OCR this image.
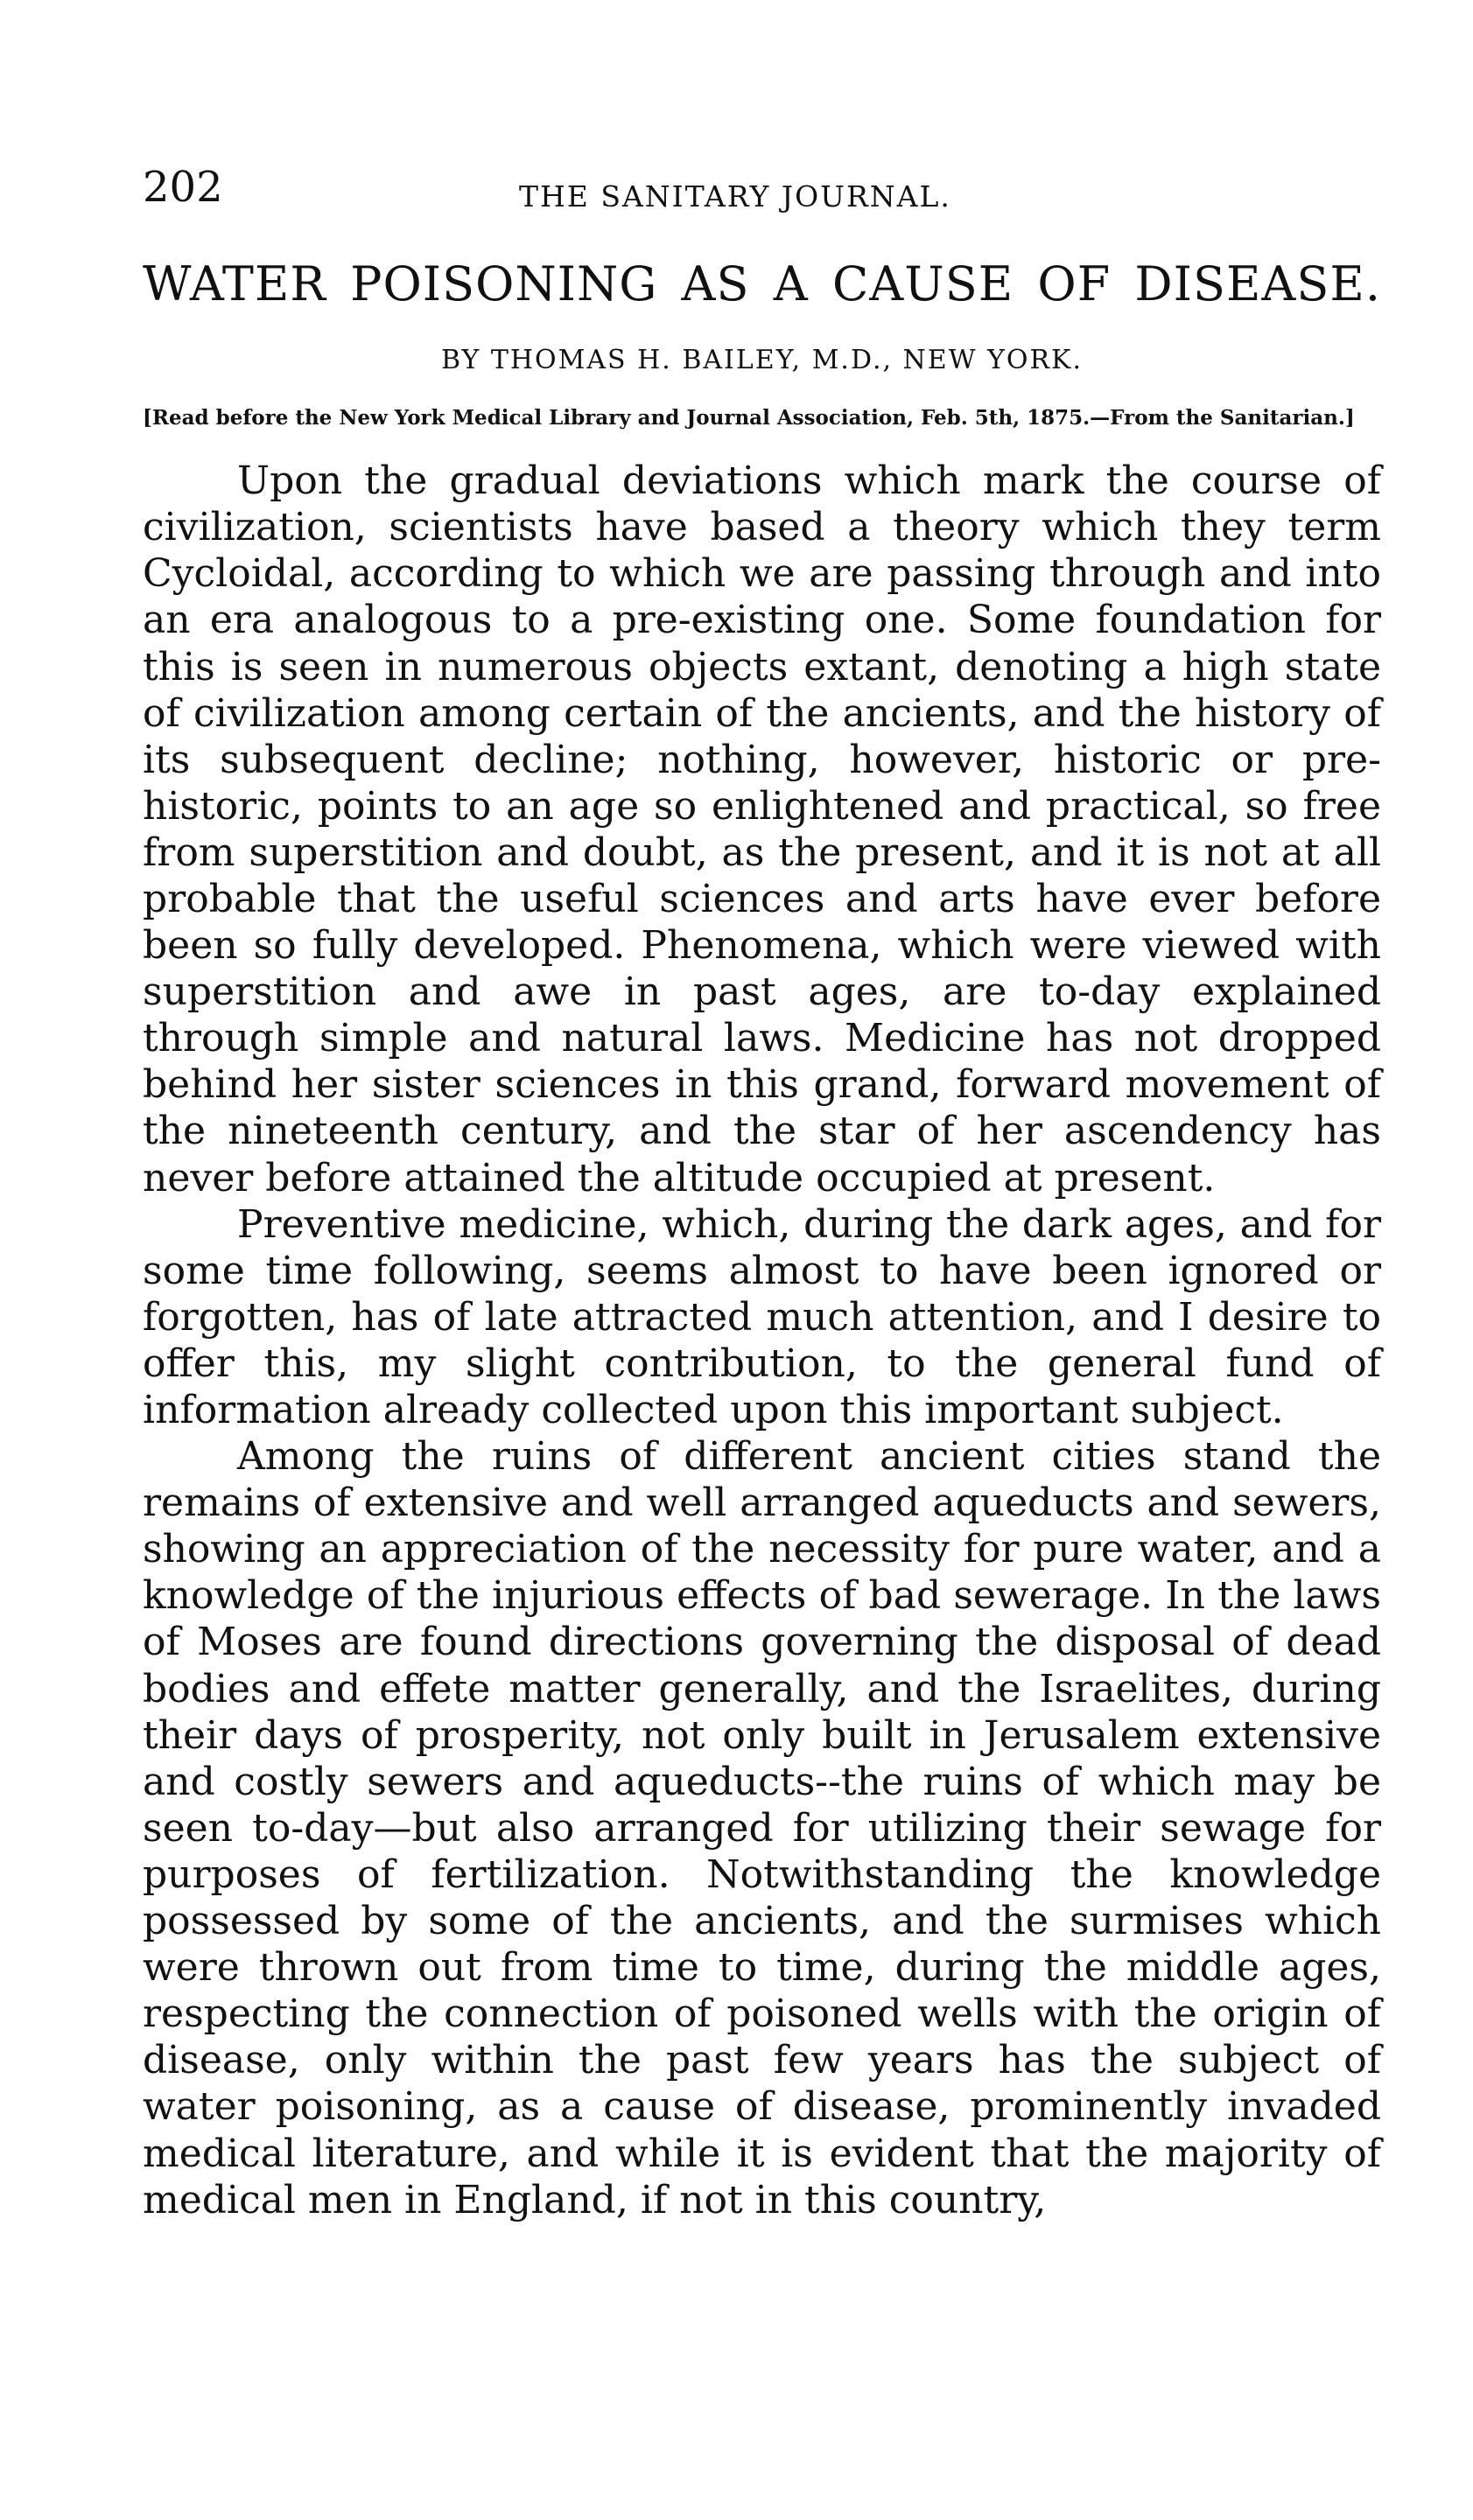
202	THE SANITARY JOURNAL.
WATER POISONING AS A CAUSE OF DISEASE.
BY THOMAS H. BAILEY, M.D., NEW YORK.
[Read before the New York Medical Library and Journal Association, Feb. 5th, 1875.—From the Sanitarian.]

Upon the gradual deviations which mark the course of civilization, scientists have based a theory which they term Cycloidal, according to which we are passing through and into an era analogous to a pre-existing one. Some foundation for this is seen in numerous objects extant, denoting a high state of civilization among certain of the ancients, and the history of its subsequent decline; nothing, however, historic or pre-historic, points to an age so enlightened and practical, so free from superstition and doubt, as the present, and it is not at all probable that the useful sciences and arts have ever before been so fully developed. Phenomena, which were viewed with superstition and awe in past ages, are to-day explained through simple and natural laws. Medicine has not dropped behind her sister sciences in this grand, forward movement of the nineteenth century, and the star of her ascendency has never before attained the altitude occupied at present.

Preventive medicine, which, during the dark ages, and for some time following, seems almost to have been ignored or forgotten, has of late attracted much attention, and I desire to offer this, my slight contribution, to the general fund of information already collected upon this important subject.

Among the ruins of different ancient cities stand the remains of extensive and well arranged aqueducts and sewers, showing an appreciation of the necessity for pure water, and a knowledge of the injurious effects of bad sewerage. In the laws of Moses are found directions governing the disposal of dead bodies and effete matter generally, and the Israelites, during their days of prosperity, not only built in Jerusalem extensive and costly sewers and aqueducts--the ruins of which may be seen to-day—but also arranged for utilizing their sewage for purposes of fertilization. Notwithstanding the knowledge possessed by some of the ancients, and the surmises which were thrown out from time to time, during the middle ages, respecting the connection of poisoned wells with the origin of disease, only within the past few years has the subject of water poisoning, as a cause of disease, prominently invaded medical literature, and while it is evident that the majority of medical men in England, if not in this country,
